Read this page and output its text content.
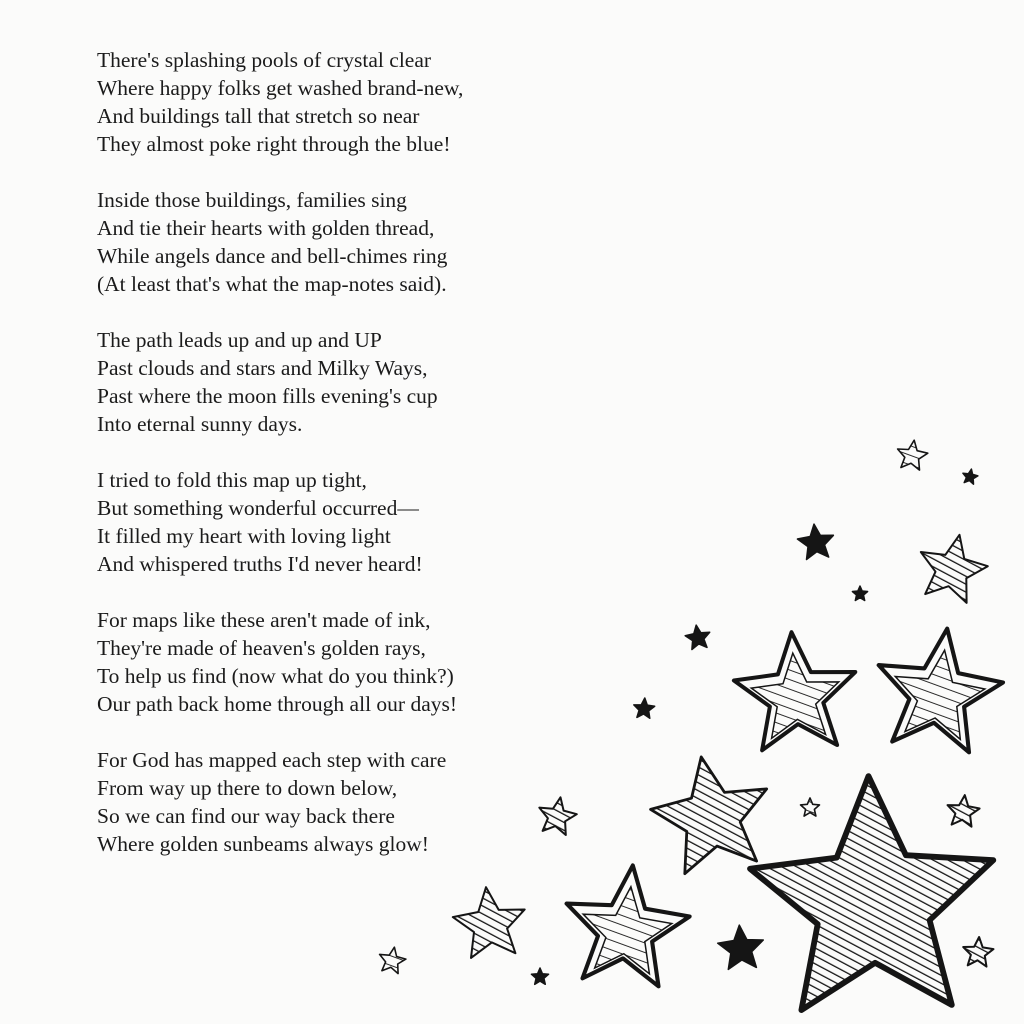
There's splashing pools of crystal clear
Where happy folks get washed brand-new,
And buildings tall that stretch so near
They almost poke right through the blue!
Inside those buildings, families sing
And tie their hearts with golden thread,
While angels dance and bell-chimes ring
(At least that's what the map-notes said).
The path leads up and up and UP
Past clouds and stars and Milky Ways,
Past where the moon fills evening's cup
Into eternal sunny days.
I tried to fold this map up tight,
But something wonderful occurred—
It filled my heart with loving light
And whispered truths I'd never heard!
For maps like these aren't made of ink,
They're made of heaven's golden rays,
To help us find (now what do you think?)
Our path back home through all our days!
For God has mapped each step with care
From way up there to down below,
So we can find our way back there
Where golden sunbeams always glow!
